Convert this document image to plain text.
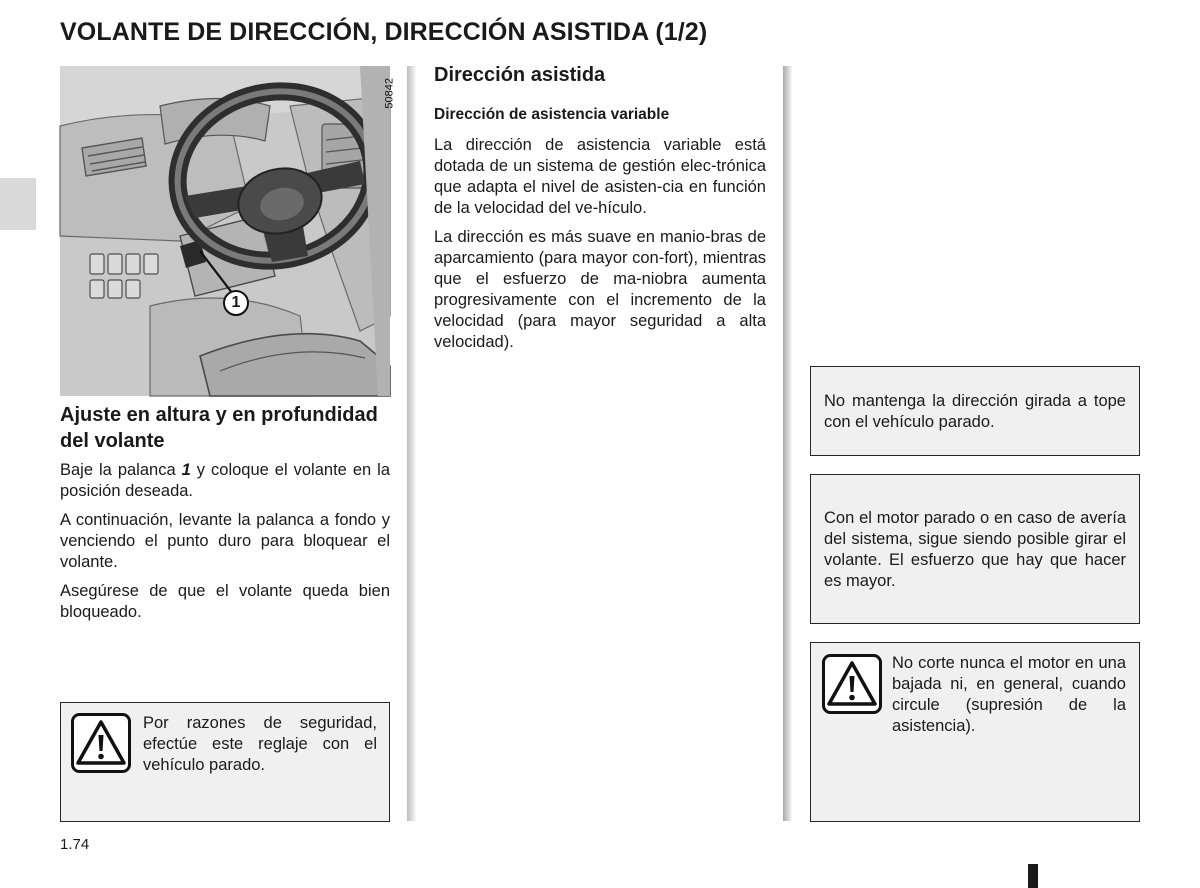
VOLANTE DE DIRECCIÓN, DIRECCIÓN ASISTIDA (1/2)
50842
1
Ajuste en altura y en profundidad del volante

Baje la palanca 1 y coloque el volante en la posición deseada.

A continuación, levante la palanca a fondo y venciendo el punto duro para bloquear el volante.

Asegúrese de que el volante queda bien bloqueado.

Por razones de seguridad, efectúe este reglaje con el vehículo parado.

Dirección asistida
Dirección de asistencia variable

La dirección de asistencia variable está dotada de un sistema de gestión elec-trónica que adapta el nivel de asisten-cia en función de la velocidad del ve-hículo.

La dirección es más suave en manio-bras de aparcamiento (para mayor con-fort), mientras que el esfuerzo de ma-niobra aumenta progresivamente con el incremento de la velocidad (para mayor seguridad a alta velocidad).

No mantenga la dirección girada a tope con el vehículo parado.

Con el motor parado o en caso de avería del sistema, sigue siendo posible girar el volante. El esfuerzo que hay que hacer es mayor.

No corte nunca el motor en una bajada ni, en general, cuando circule (supresión de la asistencia).

1.74
